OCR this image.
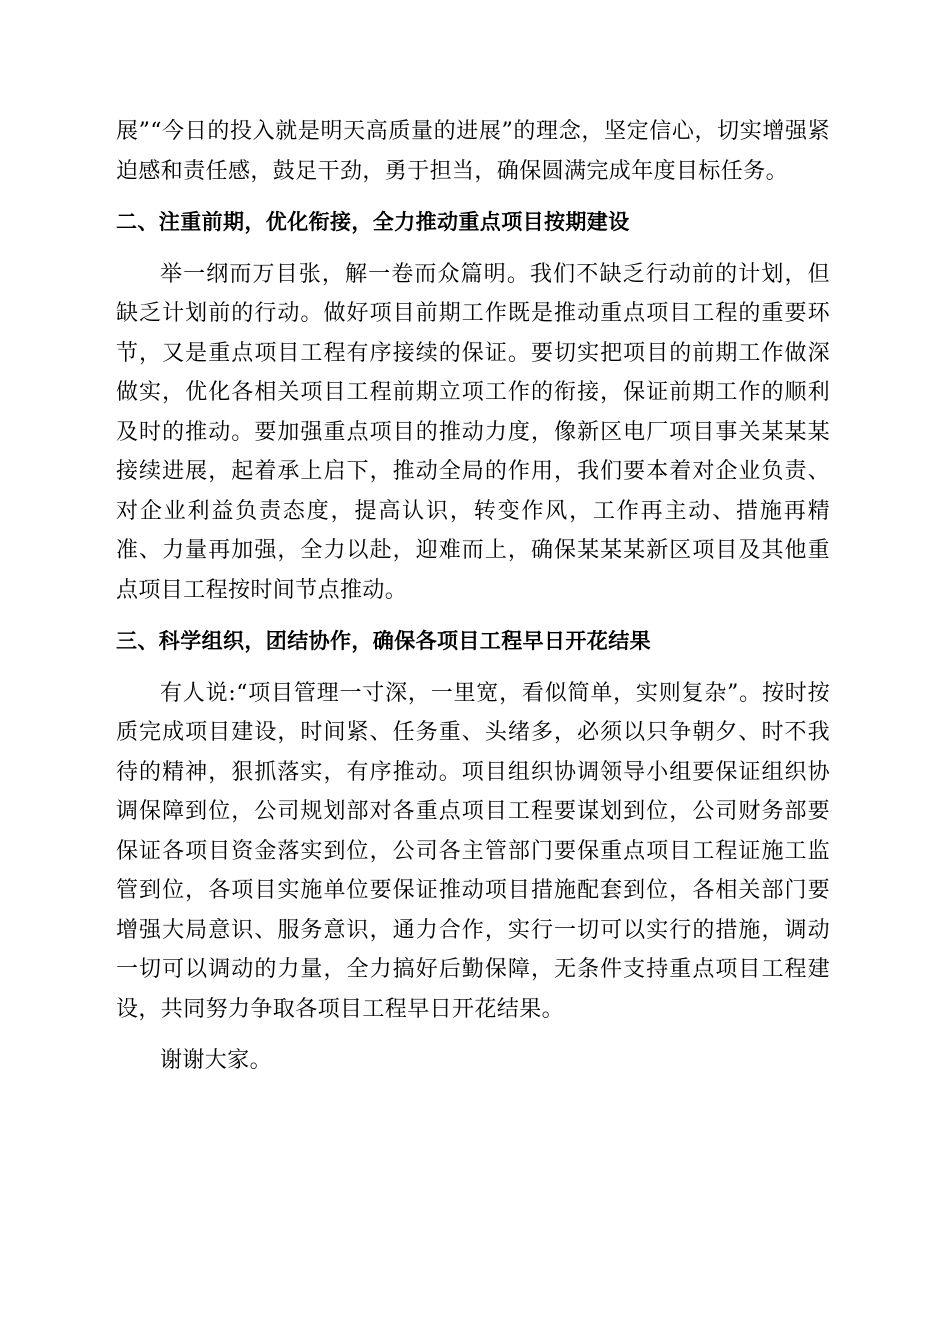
展”“今日的投入就是明天高质量的进展”的理念，坚定信心，切实增强紧迫感和责任感，鼓足干劲，勇于担当，确保圆满完成年度目标任务。

二、注重前期，优化衔接，全力推动重点项目按期建设

举一纲而万目张，解一卷而众篇明。我们不缺乏行动前的计划，但缺乏计划前的行动。做好项目前期工作既是推动重点项目工程的重要环节，又是重点项目工程有序接续的保证。要切实把项目的前期工作做深做实，优化各相关项目工程前期立项工作的衔接，保证前期工作的顺利及时的推动。要加强重点项目的推动力度，像新区电厂项目事关某某某接续进展，起着承上启下，推动全局的作用，我们要本着对企业负责、对企业利益负责态度，提高认识，转变作风，工作再主动、措施再精准、力量再加强，全力以赴，迎难而上，确保某某某新区项目及其他重点项目工程按时间节点推动。

三、科学组织，团结协作，确保各项目工程早日开花结果

有人说:“项目管理一寸深，一里宽，看似简单，实则复杂”。按时按质完成项目建设，时间紧、任务重、头绪多，必须以只争朝夕、时不我待的精神，狠抓落实，有序推动。项目组织协调领导小组要保证组织协调保障到位，公司规划部对各重点项目工程要谋划到位，公司财务部要保证各项目资金落实到位，公司各主管部门要保重点项目工程证施工监管到位，各项目实施单位要保证推动项目措施配套到位，各相关部门要增强大局意识、服务意识，通力合作，实行一切可以实行的措施，调动一切可以调动的力量，全力搞好后勤保障，无条件支持重点项目工程建设，共同努力争取各项目工程早日开花结果。

谢谢大家。
